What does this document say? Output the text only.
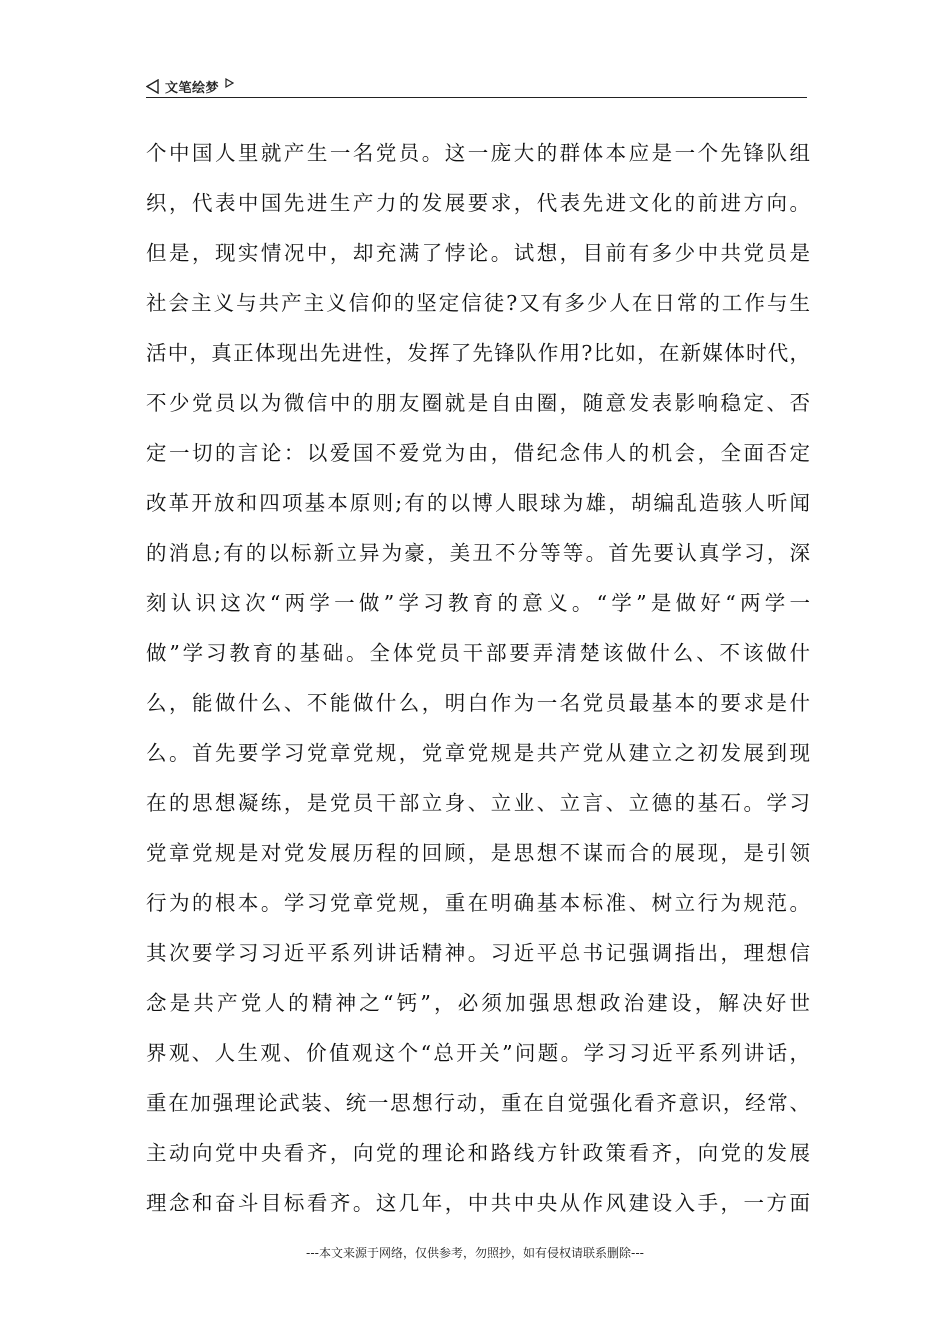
文笔绘梦
个中国人里就产生一名党员。这一庞大的群体本应是一个先锋队组
织，代表中国先进生产力的发展要求，代表先进文化的前进方向。
但是，现实情况中，却充满了悖论。试想，目前有多少中共党员是
社会主义与共产主义信仰的坚定信徒?又有多少人在日常的工作与生
活中，真正体现出先进性，发挥了先锋队作用?比如，在新媒体时代，
不少党员以为微信中的朋友圈就是自由圈，随意发表影响稳定、否
定一切的言论：以爱国不爱党为由，借纪念伟人的机会，全面否定
改革开放和四项基本原则;有的以博人眼球为雄，胡编乱造骇人听闻
的消息;有的以标新立异为豪，美丑不分等等。首先要认真学习，深
刻认识这次“两学一做”学习教育的意义。“学”是做好“两学一
做”学习教育的基础。全体党员干部要弄清楚该做什么、不该做什
么，能做什么、不能做什么，明白作为一名党员最基本的要求是什
么。首先要学习党章党规，党章党规是共产党从建立之初发展到现
在的思想凝练，是党员干部立身、立业、立言、立德的基石。学习
党章党规是对党发展历程的回顾，是思想不谋而合的展现，是引领
行为的根本。学习党章党规，重在明确基本标准、树立行为规范。
其次要学习习近平系列讲话精神。习近平总书记强调指出，理想信
念是共产党人的精神之“钙”，必须加强思想政治建设，解决好世
界观、人生观、价值观这个“总开关”问题。学习习近平系列讲话，
重在加强理论武装、统一思想行动，重在自觉强化看齐意识，经常、
主动向党中央看齐，向党的理论和路线方针政策看齐，向党的发展
理念和奋斗目标看齐。这几年，中共中央从作风建设入手，一方面
---本文来源于网络，仅供参考，勿照抄，如有侵权请联系删除---
